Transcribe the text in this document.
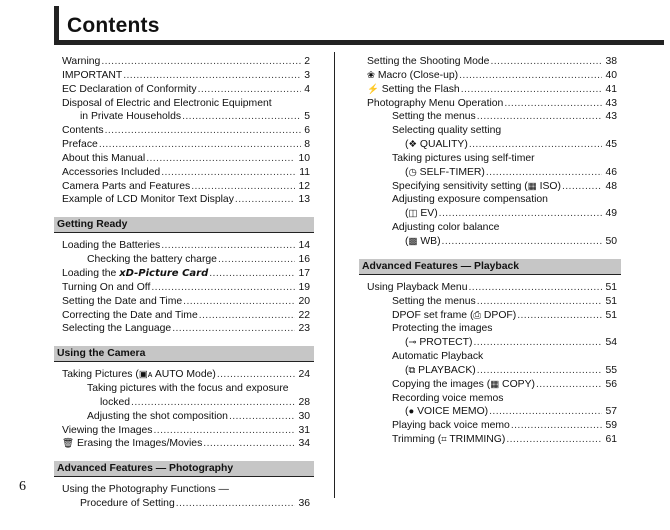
Contents
6
Warning .....	2
IMPORTANT .....	3
EC Declaration of Conformity .....	4
Disposal of Electric and Electronic Equipment
in Private Households .....	5
Contents .....	6
Preface .....	8
About this Manual .....	10
Accessories Included .....	11
Camera Parts and Features .....	12
Example of LCD Monitor Text Display .....	13
Getting Ready
Loading the Batteries .....	14
Checking the battery charge .....	16
Loading the xD-Picture Card .....	17
Turning On and Off .....	19
Setting the Date and Time .....	20
Correcting the Date and Time .....	22
Selecting the Language .....	23
Using the Camera
Taking Pictures (▣ᴀ AUTO Mode) .....	24
Taking pictures with the focus and exposure
locked .....	28
Adjusting the shot composition .....	30
Viewing the Images .....	31
🗑 Erasing the Images/Movies .....	34
Advanced Features — Photography
Using the Photography Functions —
Procedure of Setting .....	36
Setting the Shooting Mode .....	38
❀ Macro (Close-up) .....	40
⚡ Setting the Flash .....	41
Photography Menu Operation .....	43
Setting the menus .....	43
Selecting quality setting
(❖ QUALITY) .....	45
Taking pictures using self-timer
(◷ SELF-TIMER) .....	46
Specifying sensitivity setting (▦ ISO) .....	48
Adjusting exposure compensation
(◫ EV) .....	49
Adjusting color balance
(▩ WB) .....	50
Advanced Features — Playback
Using Playback Menu .....	51
Setting the menus .....	51
DPOF set frame (⎙ DPOF) .....	51
Protecting the images
(⊸ PROTECT) .....	54
Automatic Playback
(⧉ PLAYBACK) .....	55
Copying the images (▦ COPY) .....	56
Recording voice memos
(● VOICE MEMO) .....	57
Playing back voice memo .....	59
Trimming (⌗ TRIMMING) .....	61
